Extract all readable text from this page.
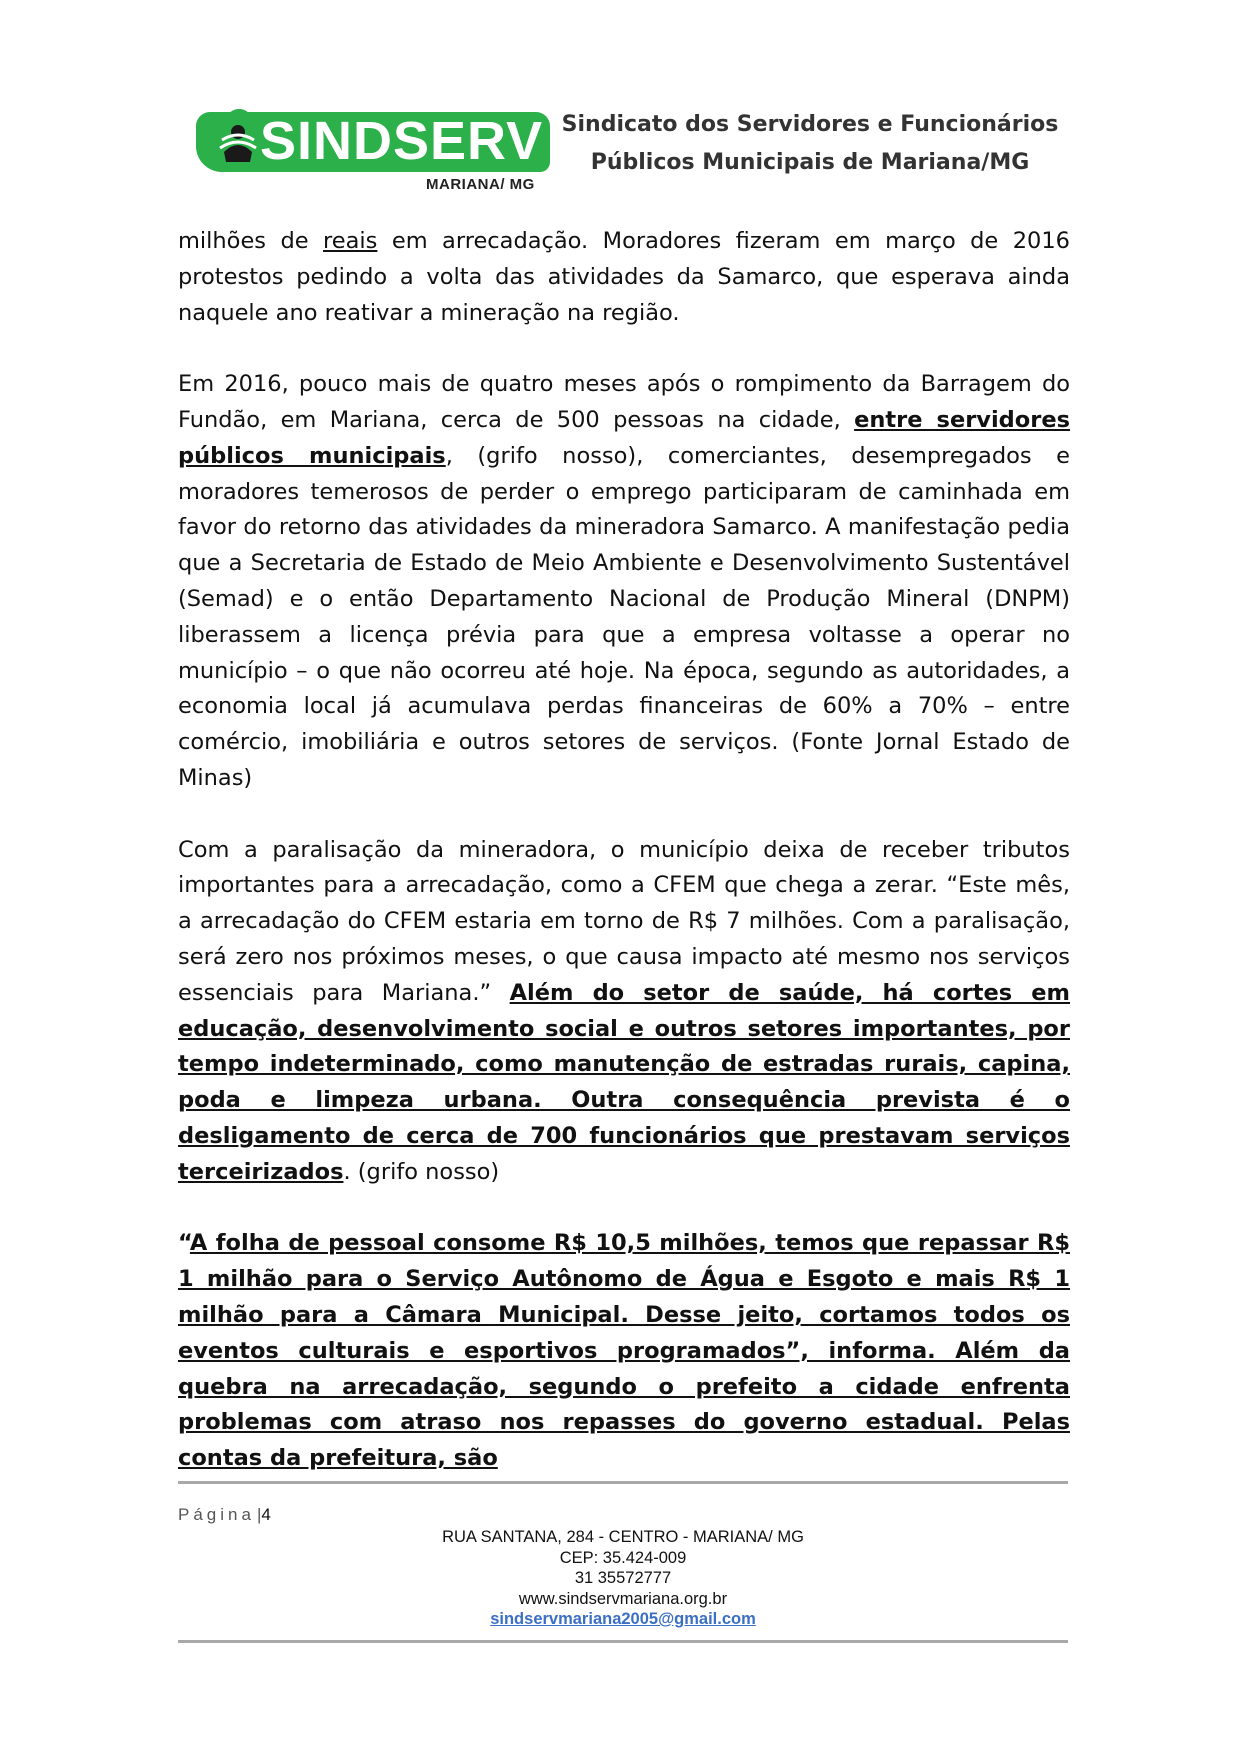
SINDSERV
MARIANA/ MG
Sindicato dos Servidores e Funcionários
Públicos Municipais de Mariana/MG

milhões de reais em arrecadação. Moradores fizeram em março de 2016 protestos pedindo a volta das atividades da Samarco, que esperava ainda naquele ano reativar a mineração na região.

Em 2016, pouco mais de quatro meses após o rompimento da Barragem do Fundão, em Mariana, cerca de 500 pessoas na cidade, entre servidores públicos municipais, (grifo nosso), comerciantes, desempregados e moradores temerosos de perder o emprego participaram de caminhada em favor do retorno das atividades da mineradora Samarco. A manifestação pedia que a Secretaria de Estado de Meio Ambiente e Desenvolvimento Sustentável (Semad) e o então Departamento Nacional de Produção Mineral (DNPM) liberassem a licença prévia para que a empresa voltasse a operar no município – o que não ocorreu até hoje. Na época, segundo as autoridades, a economia local já acumulava perdas financeiras de 60% a 70% – entre comércio, imobiliária e outros setores de serviços. (Fonte Jornal Estado de Minas)

Com a paralisação da mineradora, o município deixa de receber tributos importantes para a arrecadação, como a CFEM que chega a zerar. “Este mês, a arrecadação do CFEM estaria em torno de R$ 7 milhões. Com a paralisação, será zero nos próximos meses, o que causa impacto até mesmo nos serviços essenciais para Mariana.” Além do setor de saúde, há cortes em educação, desenvolvimento social e outros setores importantes, por tempo indeterminado, como manutenção de estradas rurais, capina, poda e limpeza urbana. Outra consequência prevista é o desligamento de cerca de 700 funcionários que prestavam serviços terceirizados. (grifo nosso)

“A folha de pessoal consome R$ 10,5 milhões, temos que repassar R$ 1 milhão para o Serviço Autônomo de Água e Esgoto e mais R$ 1 milhão para a Câmara Municipal. Desse jeito, cortamos todos os eventos culturais e esportivos programados”, informa. Além da quebra na arrecadação, segundo o prefeito a cidade enfrenta problemas com atraso nos repasses do governo estadual. Pelas contas da prefeitura, são

Página |4
RUA SANTANA, 284 - CENTRO - MARIANA/ MG
CEP: 35.424-009
31 35572777
www.sindservmariana.org.br
sindservmariana2005@gmail.com
